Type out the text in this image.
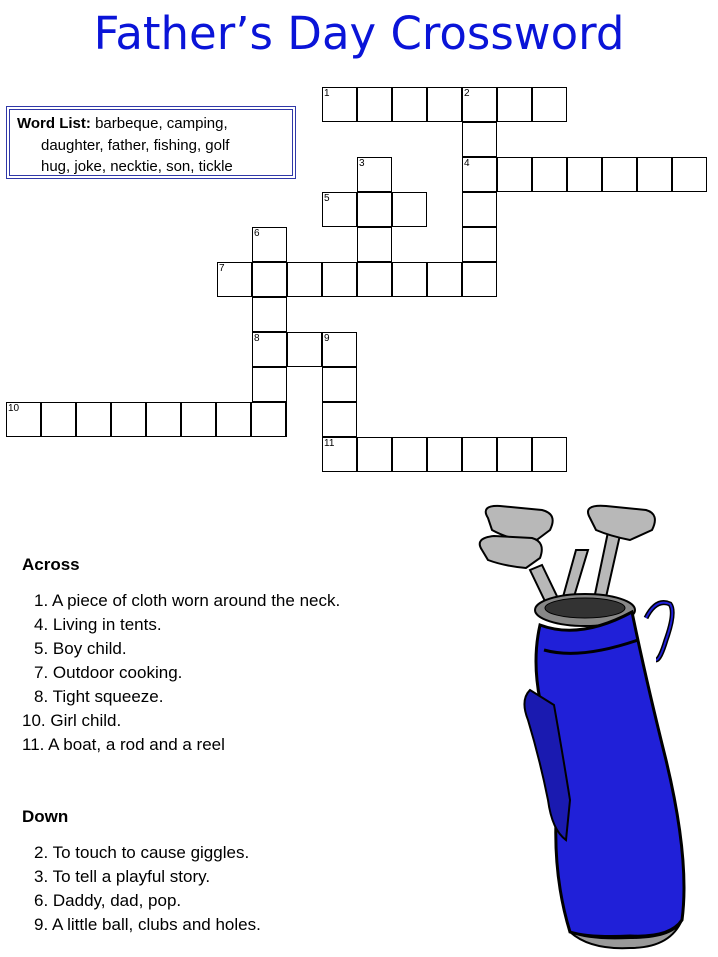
Father’s Day Crossword
Word List: barbeque, camping,
daughter, father, fishing, golf
hug, joke, necktie, son, tickle
1	2
3	4
5
6
7
8	9
10
11
Across
1. A piece of cloth worn around the neck.
4. Living in tents.
5. Boy child.
7. Outdoor cooking.
8. Tight squeeze.
10. Girl child.
11. A boat, a rod and a reel
Down
2. To touch to cause giggles.
3. To tell a playful story.
6. Daddy, dad, pop.
9. A little ball, clubs and holes.
